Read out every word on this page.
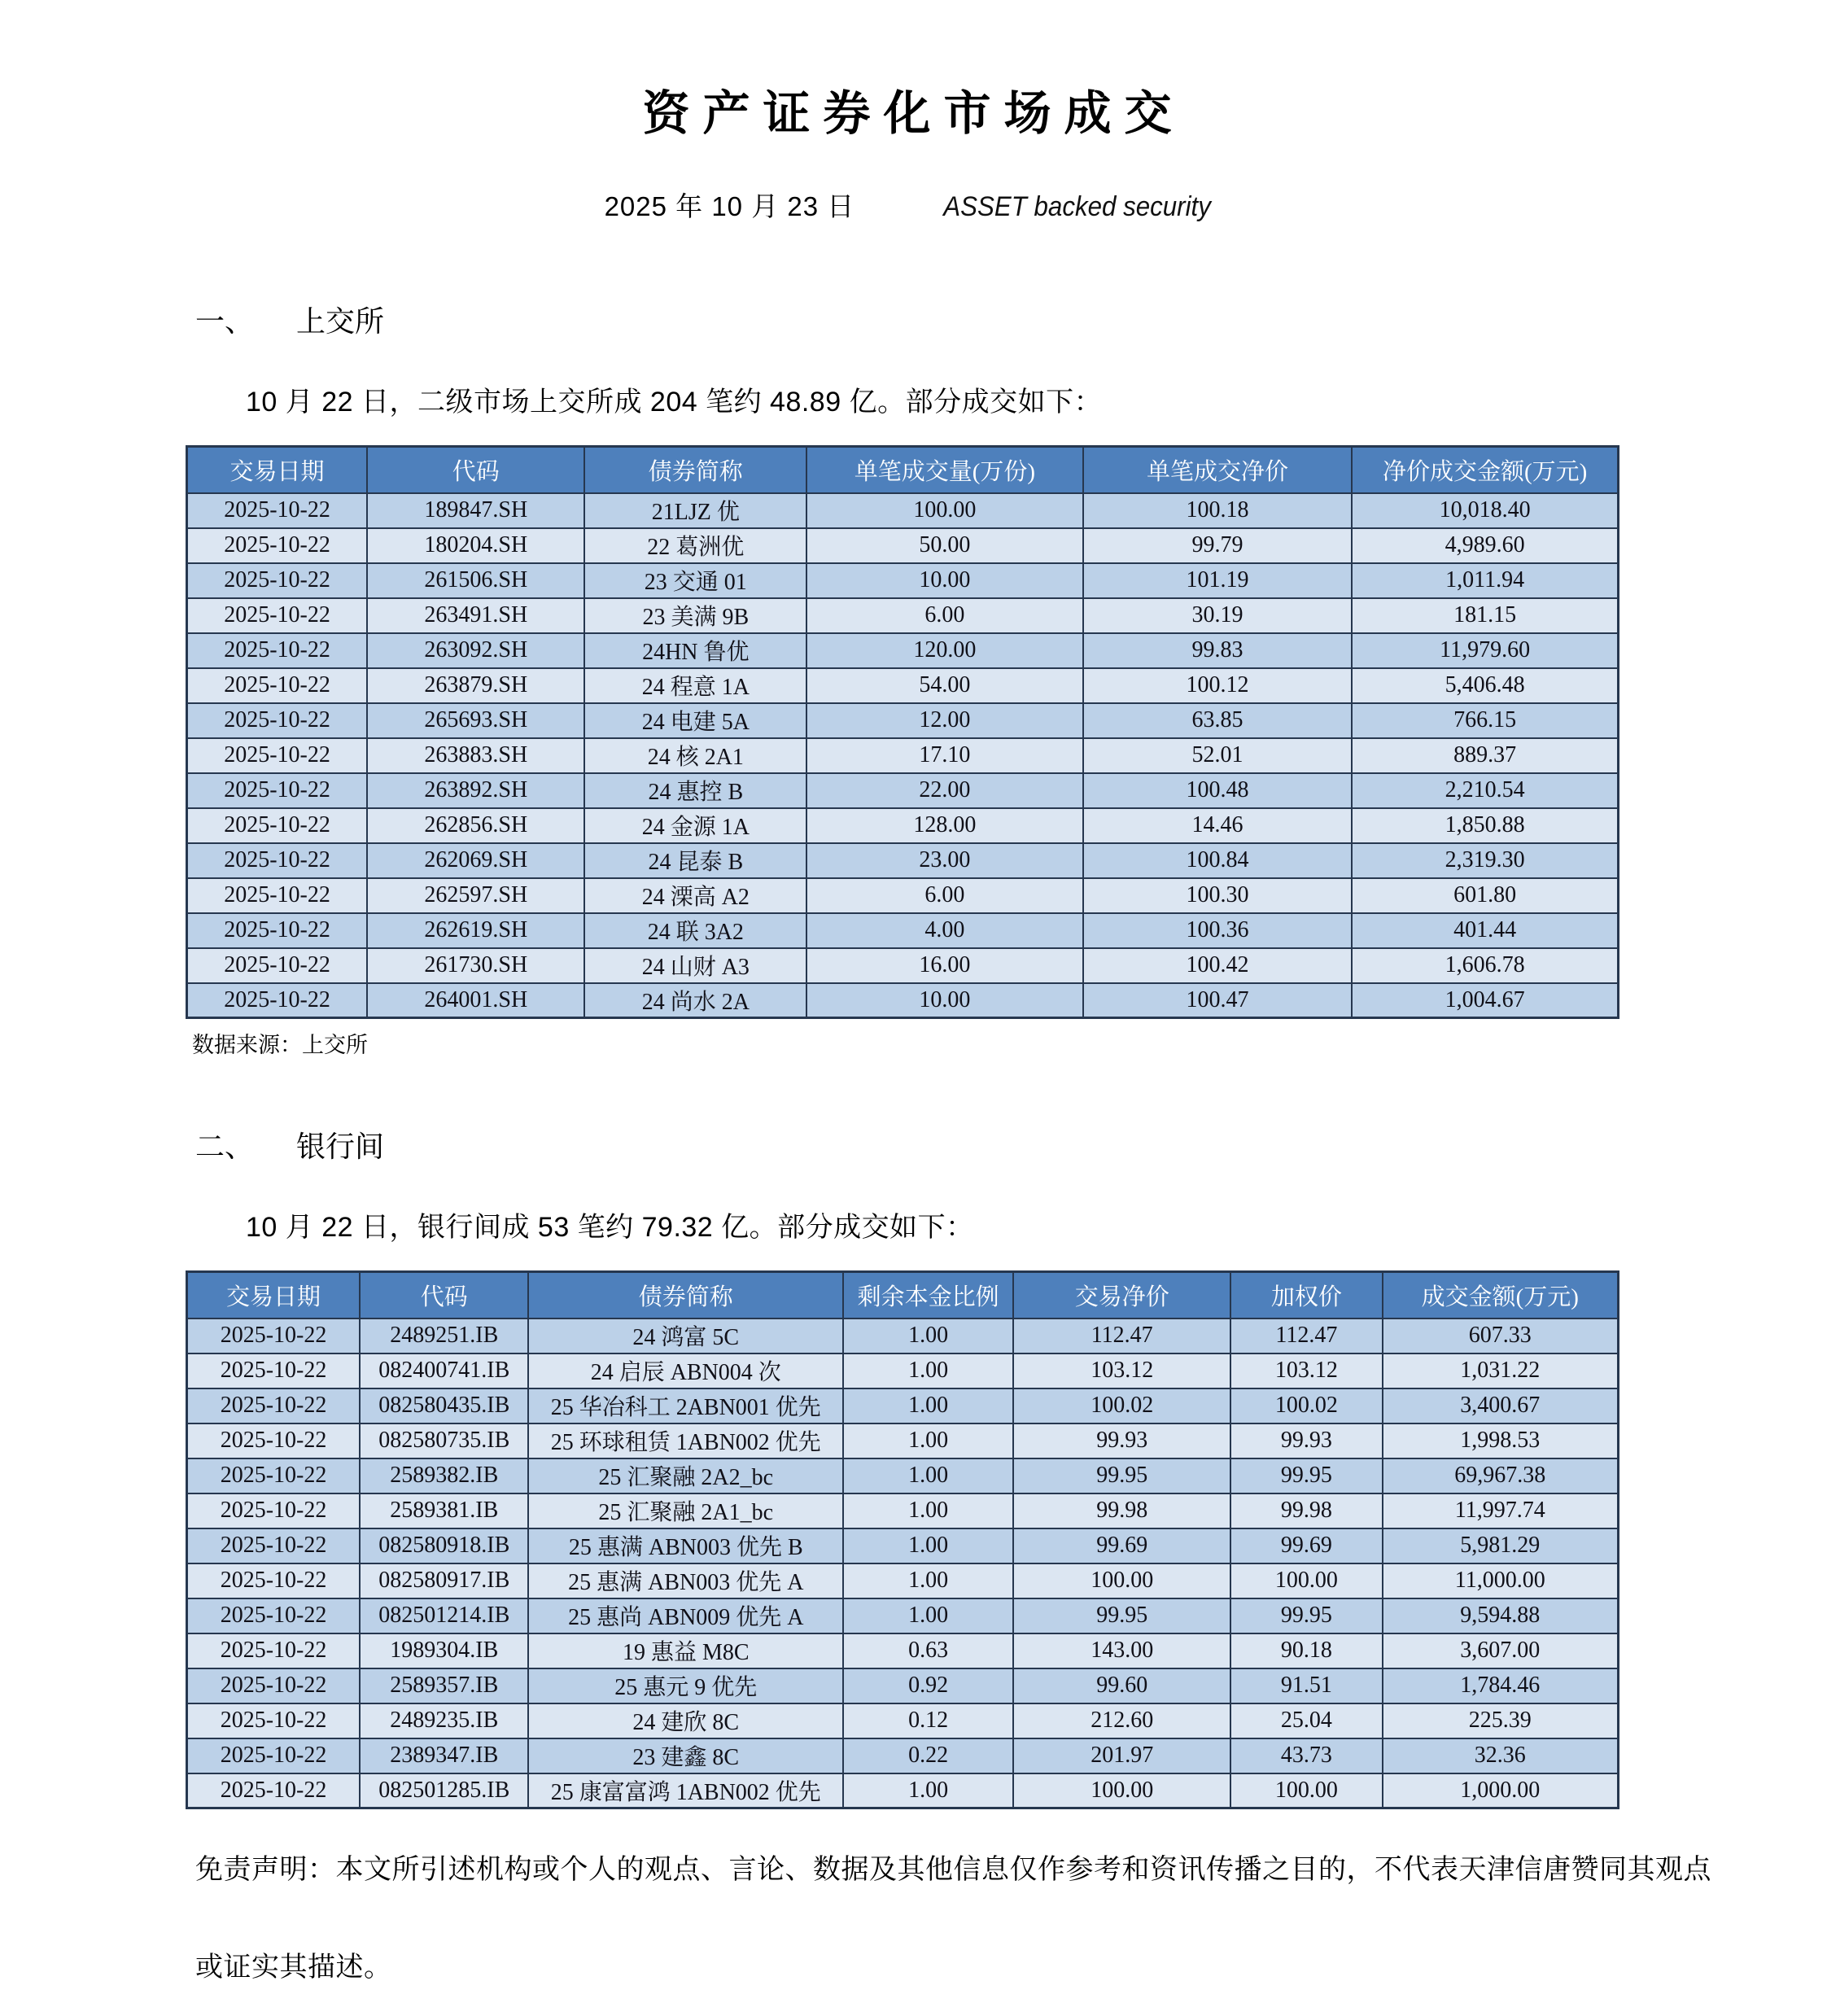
资产证券化市场成交
2025 年 10 月 23 日	ASSET backed security
一、 上交所

10 月 22 日，二级市场上交所成 204 笔约 48.89 亿。部分成交如下：

交易日期	代码	债券简称	单笔成交量(万份)	单笔成交净价	净价成交金额(万元)
2025-10-22	189847.SH	21LJZ 优	100.00	100.18	10,018.40
2025-10-22	180204.SH	22 葛洲优	50.00	99.79	4,989.60
2025-10-22	261506.SH	23 交通 01	10.00	101.19	1,011.94
2025-10-22	263491.SH	23 美满 9B	6.00	30.19	181.15
2025-10-22	263092.SH	24HN 鲁优	120.00	99.83	11,979.60
2025-10-22	263879.SH	24 程意 1A	54.00	100.12	5,406.48
2025-10-22	265693.SH	24 电建 5A	12.00	63.85	766.15
2025-10-22	263883.SH	24 核 2A1	17.10	52.01	889.37
2025-10-22	263892.SH	24 惠控 B	22.00	100.48	2,210.54
2025-10-22	262856.SH	24 金源 1A	128.00	14.46	1,850.88
2025-10-22	262069.SH	24 昆泰 B	23.00	100.84	2,319.30
2025-10-22	262597.SH	24 溧高 A2	6.00	100.30	601.80
2025-10-22	262619.SH	24 联 3A2	4.00	100.36	401.44
2025-10-22	261730.SH	24 山财 A3	16.00	100.42	1,606.78
2025-10-22	264001.SH	24 尚水 2A	10.00	100.47	1,004.67

数据来源：上交所

二、 银行间

10 月 22 日，银行间成 53 笔约 79.32 亿。部分成交如下：

交易日期	代码	债券简称	剩余本金比例	交易净价	加权价	成交金额(万元)
2025-10-22	2489251.IB	24 鸿富 5C	1.00	112.47	112.47	607.33
2025-10-22	082400741.IB	24 启辰 ABN004 次	1.00	103.12	103.12	1,031.22
2025-10-22	082580435.IB	25 华冶科工 2ABN001 优先	1.00	100.02	100.02	3,400.67
2025-10-22	082580735.IB	25 环球租赁 1ABN002 优先	1.00	99.93	99.93	1,998.53
2025-10-22	2589382.IB	25 汇聚融 2A2_bc	1.00	99.95	99.95	69,967.38
2025-10-22	2589381.IB	25 汇聚融 2A1_bc	1.00	99.98	99.98	11,997.74
2025-10-22	082580918.IB	25 惠满 ABN003 优先 B	1.00	99.69	99.69	5,981.29
2025-10-22	082580917.IB	25 惠满 ABN003 优先 A	1.00	100.00	100.00	11,000.00
2025-10-22	082501214.IB	25 惠尚 ABN009 优先 A	1.00	99.95	99.95	9,594.88
2025-10-22	1989304.IB	19 惠益 M8C	0.63	143.00	90.18	3,607.00
2025-10-22	2589357.IB	25 惠元 9 优先	0.92	99.60	91.51	1,784.46
2025-10-22	2489235.IB	24 建欣 8C	0.12	212.60	25.04	225.39
2025-10-22	2389347.IB	23 建鑫 8C	0.22	201.97	43.73	32.36
2025-10-22	082501285.IB	25 康富富鸿 1ABN002 优先	1.00	100.00	100.00	1,000.00

免责声明：本文所引述机构或个人的观点、言论、数据及其他信息仅作参考和资讯传播之目的，不代表天津信唐赞同其观点或证实其描述。
